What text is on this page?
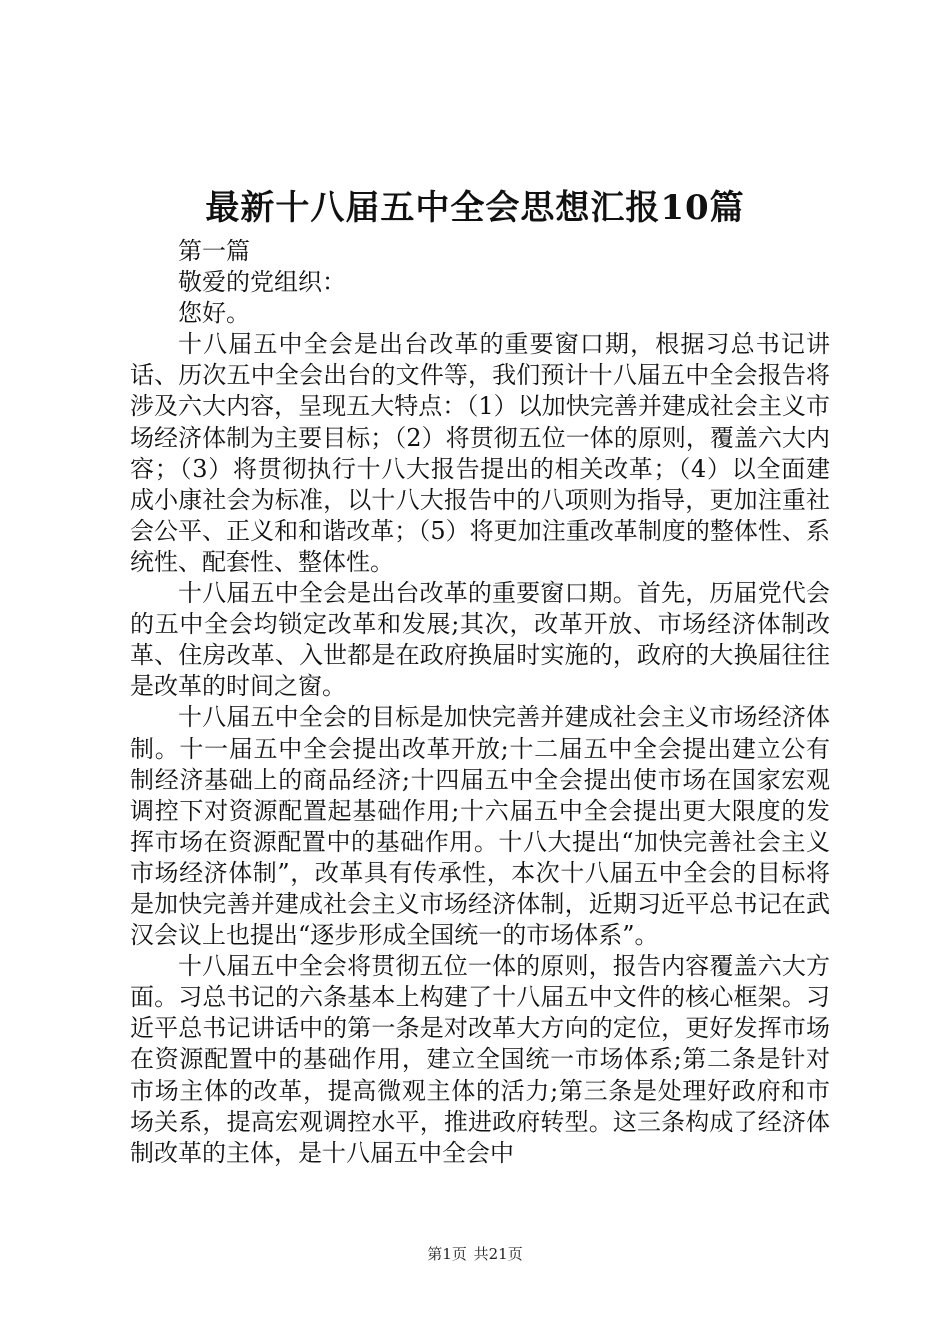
最新十八届五中全会思想汇报10篇

第一篇

敬爱的党组织：

您好。

十八届五中全会是出台改革的重要窗口期，根据习总书记讲话、历次五中全会出台的文件等，我们预计十八届五中全会报告将涉及六大内容，呈现五大特点：（1）以加快完善并建成社会主义市场经济体制为主要目标；（2）将贯彻五位一体的原则，覆盖六大内容；（3）将贯彻执行十八大报告提出的相关改革；（4）以全面建成小康社会为标准，以十八大报告中的八项则为指导，更加注重社会公平、正义和和谐改革；（5）将更加注重改革制度的整体性、系统性、配套性、整体性。

十八届五中全会是出台改革的重要窗口期。首先，历届党代会的五中全会均锁定改革和发展;其次，改革开放、市场经济体制改革、住房改革、入世都是在政府换届时实施的，政府的大换届往往是改革的时间之窗。

十八届五中全会的目标是加快完善并建成社会主义市场经济体制。十一届五中全会提出改革开放;十二届五中全会提出建立公有制经济基础上的商品经济;十四届五中全会提出使市场在国家宏观调控下对资源配置起基础作用;十六届五中全会提出更大限度的发挥市场在资源配置中的基础作用。十八大提出“加快完善社会主义市场经济体制”，改革具有传承性，本次十八届五中全会的目标将是加快完善并建成社会主义市场经济体制，近期习近平总书记在武汉会议上也提出“逐步形成全国统一的市场体系”。

十八届五中全会将贯彻五位一体的原则，报告内容覆盖六大方面。习总书记的六条基本上构建了十八届五中文件的核心框架。习近平总书记讲话中的第一条是对改革大方向的定位，更好发挥市场在资源配置中的基础作用，建立全国统一市场体系;第二条是针对市场主体的改革，提高微观主体的活力;第三条是处理好政府和市场关系，提高宏观调控水平，推进政府转型。这三条构成了经济体制改革的主体，是十八届五中全会中

第1页 共21页
